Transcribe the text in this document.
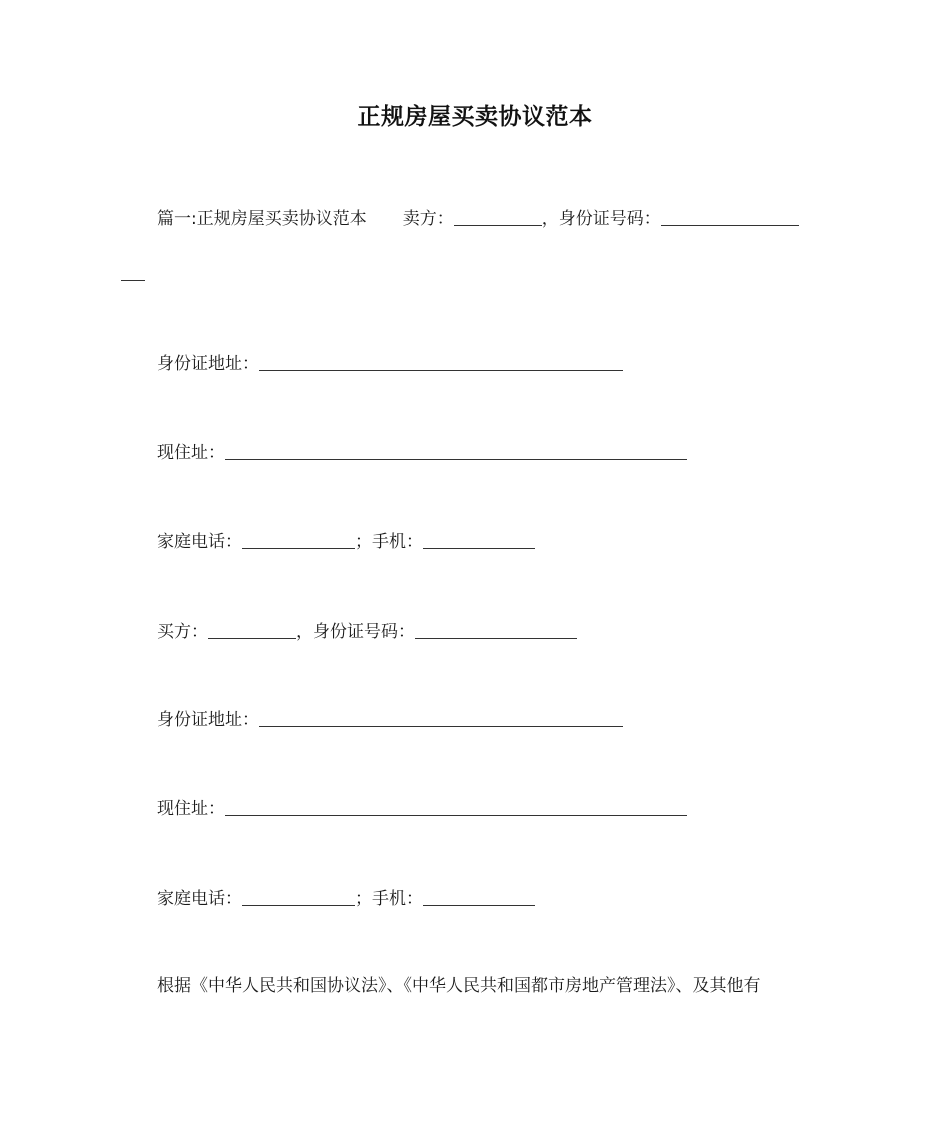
正规房屋买卖协议范本
篇一:正规房屋买卖协议范本 卖方：	，身份证号码：
身份证地址：
现住址：
家庭电话：	；手机：
买方：	，身份证号码：
身份证地址：
现住址：
家庭电话：	；手机：
根据《中华人民共和国协议法》、《中华人民共和国都市房地产管理法》、及其他有
